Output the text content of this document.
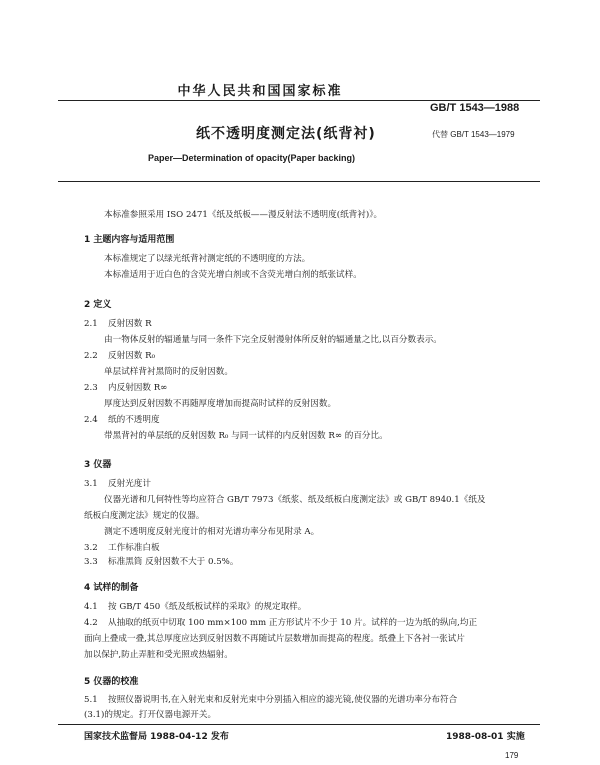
中华人民共和国国家标准
GB/T 1543—1988
纸不透明度测定法(纸背衬)	代替 GB/T 1543—1979
Paper—Determination of opacity(Paper backing)
本标准参照采用 ISO 2471《纸及纸板——漫反射法不透明度(纸背衬)》。
1 主题内容与适用范围
本标准规定了以绿光纸背衬测定纸的不透明度的方法。
本标准适用于近白色的含荧光增白剂或不含荧光增白剂的纸张试样。
2 定义
2.1 反射因数 R
由一物体反射的辐通量与同一条件下完全反射漫射体所反射的辐通量之比,以百分数表示。
2.2 反射因数 R₀
单层试样背衬黑筒时的反射因数。
2.3 内反射因数 R∞
厚度达到反射因数不再随厚度增加而提高时试样的反射因数。
2.4 纸的不透明度
带黑背衬的单层纸的反射因数 R₀ 与同一试样的内反射因数 R∞ 的百分比。
3 仪器
3.1 反射光度计
仪器光谱和几何特性等均应符合 GB/T 7973《纸浆、纸及纸板白度测定法》或 GB/T 8940.1《纸及
纸板白度测定法》规定的仪器。
测定不透明度反射光度计的相对光谱功率分布见附录 A。
3.2 工作标准白板
3.3 标准黑筒 反射因数不大于 0.5%。
4 试样的制备
4.1 按 GB/T 450《纸及纸板试样的采取》的规定取样。
4.2 从抽取的纸页中切取 100 mm×100 mm 正方形试片不少于 10 片。试样的一边为纸的纵向,均正
面向上叠成一叠,其总厚度应达到反射因数不再随试片层数增加而提高的程度。纸叠上下各衬一张试片
加以保护,防止弄脏和受光照或热辐射。
5 仪器的校准
5.1 按照仪器说明书,在入射光束和反射光束中分别插入相应的滤光镜,使仪器的光谱功率分布符合
(3.1)的规定。打开仪器电源开关。
国家技术监督局 1988-04-12 发布	1988-08-01 实施
179
